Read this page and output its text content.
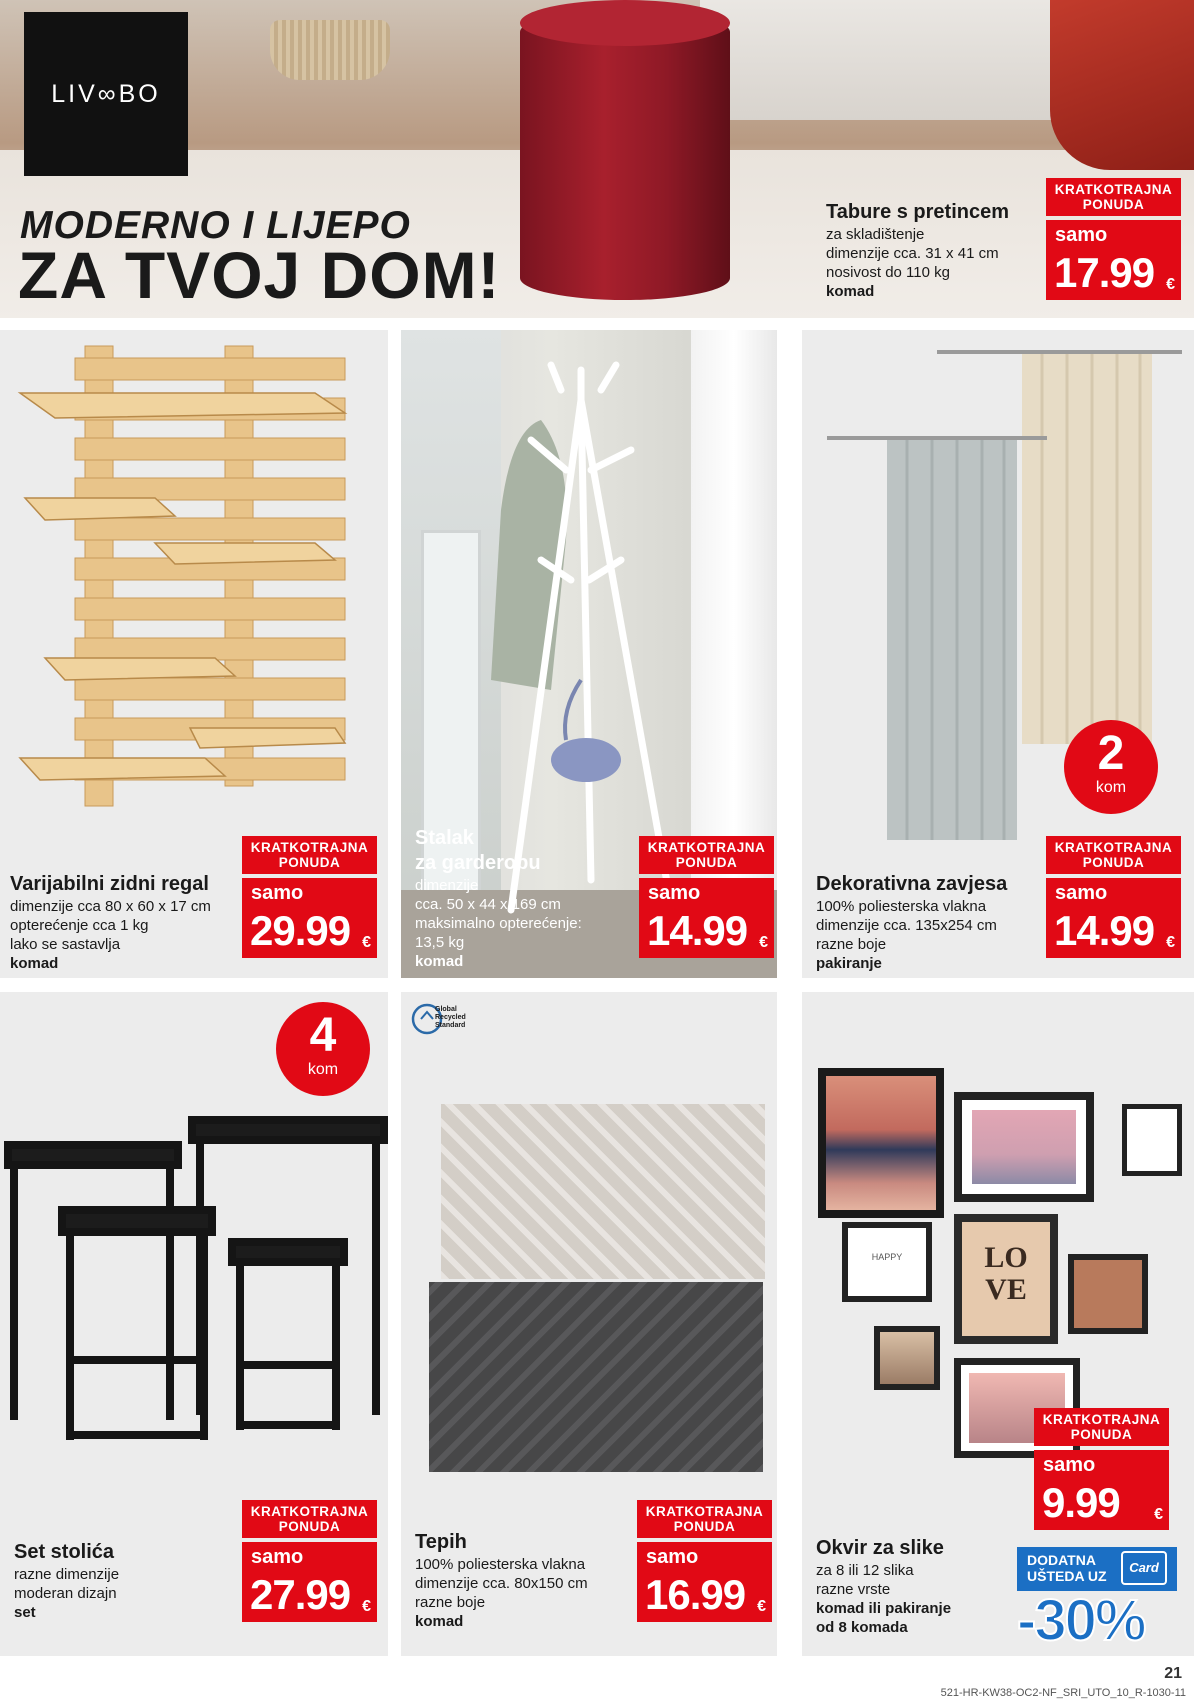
LIV∞BO
MODERNO I LIJEPO
ZA TVOJ DOM!
Tabure s pretincem
za skladištenje
dimenzije cca. 31 x 41 cm
nosivost do 110 kg
komad
KRATKOTRAJNA PONUDA
samo
17.99 €
Varijabilni zidni regal
dimenzije cca 80 x 60 x 17 cm
opterećenje cca 1 kg
lako se sastavlja
komad
KRATKOTRAJNA PONUDA
samo
29.99 €
Stalak
za garderobu
dimenzije
cca. 50 x 44 x 169 cm
maksimalno opterećenje:
13,5 kg
komad
KRATKOTRAJNA PONUDA
samo
14.99 €
2
kom
Dekorativna zavjesa
100% poliesterska vlakna
dimenzije cca. 135x254 cm
razne boje
pakiranje
KRATKOTRAJNA PONUDA
samo
14.99 €
4
kom
Set stolića
razne dimenzije
moderan dizajn
set
KRATKOTRAJNA PONUDA
samo
27.99 €
Global Recycled Standard
Tepih
100% poliesterska vlakna
dimenzije cca. 80x150 cm
razne boje
komad
KRATKOTRAJNA PONUDA
samo
16.99 €
HAPPY	LO
VE
Okvir za slike
za 8 ili 12 slika
razne vrste
komad ili pakiranje
od 8 komada
KRATKOTRAJNA PONUDA
samo
9.99 €
DODATNA
UŠTEDA UZ
Card
-30%
21
521-HR-KW38-OC2-NF_SRI_UTO_10_R-1030-11
